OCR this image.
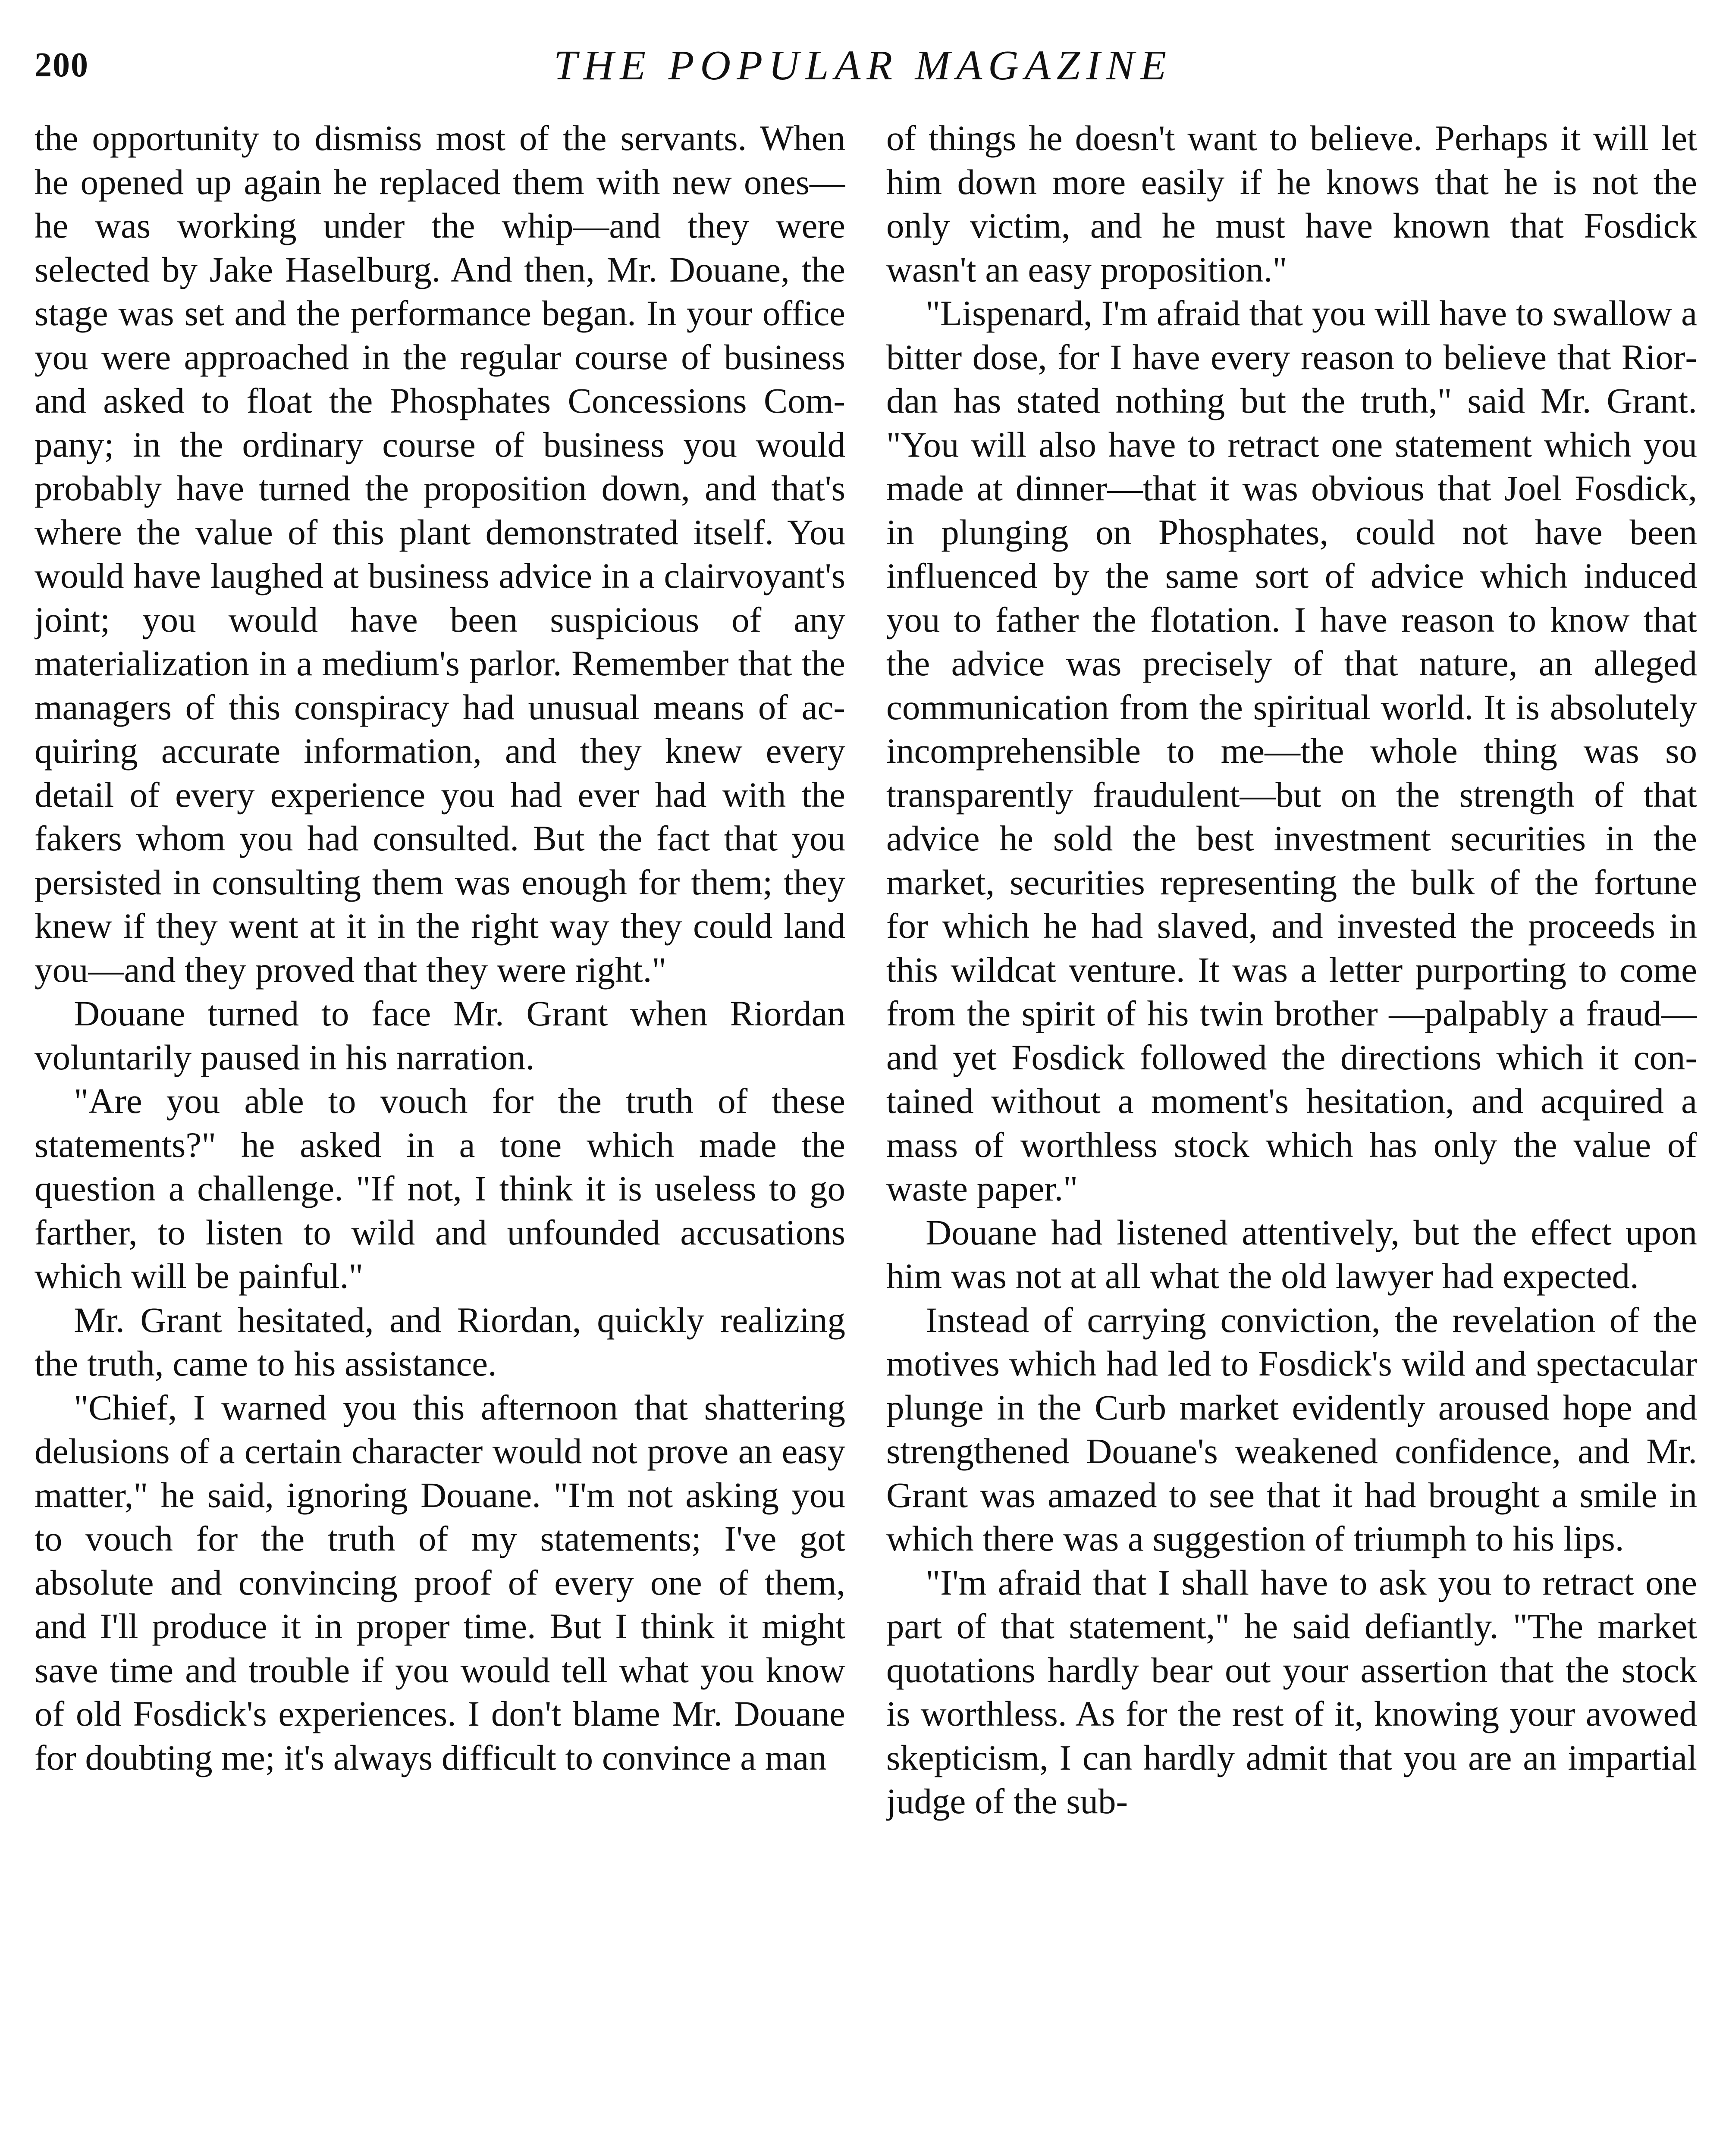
200	THE POPULAR MAGAZINE

the opportunity to dismiss most of the servants. When he opened up again he replaced them with new ones—he was working under the whip—and they were selected by Jake Haselburg. And then, Mr. Douane, the stage was set and the performance began. In your office you were approached in the regular course of business and asked to float the Phosphates Concessions Company; in the ordinary course of business you would probably have turned the proposition down, and that's where the value of this plant demonstrated itself. You would have laughed at business advice in a clairvoyant's joint; you would have been suspicious of any materialization in a medium's parlor. Remember that the managers of this conspiracy had unusual means of acquiring accurate information, and they knew every detail of every experience you had ever had with the fakers whom you had consulted. But the fact that you persisted in consulting them was enough for them; they knew if they went at it in the right way they could land you—and they proved that they were right."

Douane turned to face Mr. Grant when Riordan voluntarily paused in his narration.

"Are you able to vouch for the truth of these statements?" he asked in a tone which made the question a challenge. "If not, I think it is useless to go farther, to listen to wild and unfounded accusations which will be painful."

Mr. Grant hesitated, and Riordan, quickly realizing the truth, came to his assistance.

"Chief, I warned you this afternoon that shattering delusions of a certain character would not prove an easy matter," he said, ignoring Douane. "I'm not asking you to vouch for the truth of my statements; I've got absolute and convincing proof of every one of them, and I'll produce it in proper time. But I think it might save time and trouble if you would tell what you know of old Fosdick's experiences. I don't blame Mr. Douane for doubting me; it's always difficult to convince a man

of things he doesn't want to believe. Perhaps it will let him down more easily if he knows that he is not the only victim, and he must have known that Fosdick wasn't an easy proposition."

"Lispenard, I'm afraid that you will have to swallow a bitter dose, for I have every reason to believe that Riordan has stated nothing but the truth," said Mr. Grant. "You will also have to retract one statement which you made at dinner—that it was obvious that Joel Fosdick, in plunging on Phosphates, could not have been influenced by the same sort of advice which induced you to father the flotation. I have reason to know that the advice was precisely of that nature, an alleged communication from the spiritual world. It is absolutely incomprehensible to me—the whole thing was so transparently fraudulent—but on the strength of that advice he sold the best investment securities in the market, securities representing the bulk of the fortune for which he had slaved, and invested the proceeds in this wildcat venture. It was a letter purporting to come from the spirit of his twin brother —palpably a fraud—and yet Fosdick followed the directions which it contained without a moment's hesitation, and acquired a mass of worthless stock which has only the value of waste paper."

Douane had listened attentively, but the effect upon him was not at all what the old lawyer had expected.

Instead of carrying conviction, the revelation of the motives which had led to Fosdick's wild and spectacular plunge in the Curb market evidently aroused hope and strengthened Douane's weakened confidence, and Mr. Grant was amazed to see that it had brought a smile in which there was a suggestion of triumph to his lips.

"I'm afraid that I shall have to ask you to retract one part of that statement," he said defiantly. "The market quotations hardly bear out your assertion that the stock is worthless. As for the rest of it, knowing your avowed skepticism, I can hardly admit that you are an impartial judge of the sub-
